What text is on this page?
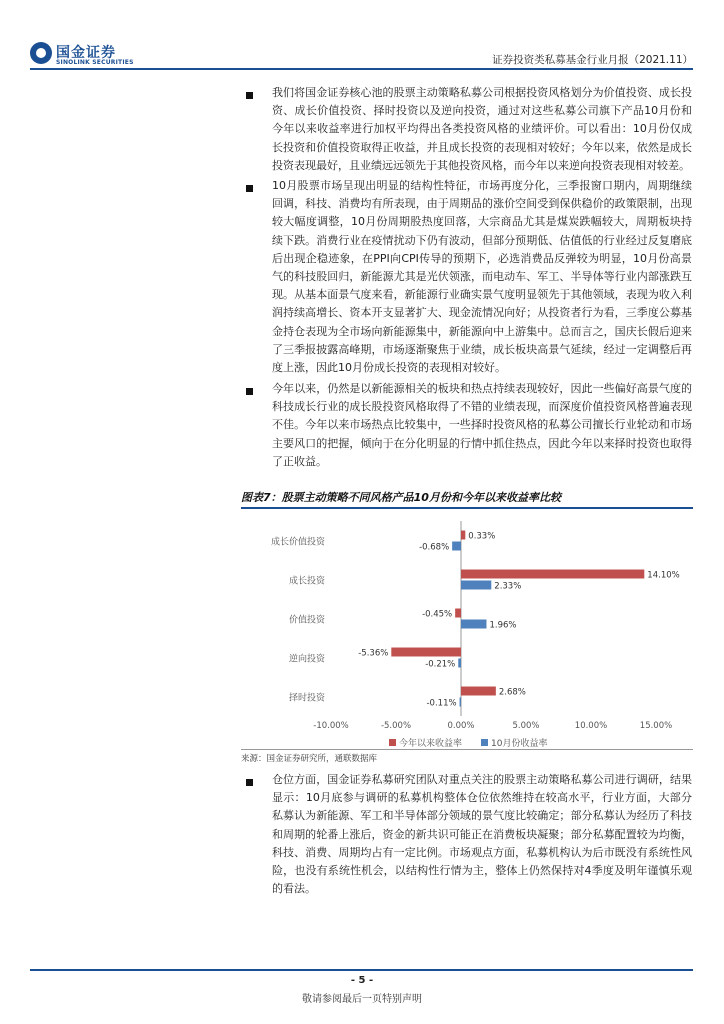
国金证券
SINOLINK SECURITIES	证券投资类私募基金行业月报（2021.11）
我们将国金证券核心池的股票主动策略私募公司根据投资风格划分为价值投资、成长投资、成长价值投资、择时投资以及逆向投资，通过对这些私募公司旗下产品10月份和今年以来收益率进行加权平均得出各类投资风格的业绩评价。可以看出：10月份仅成长投资和价值投资取得正收益，并且成长投资的表现相对较好；今年以来，依然是成长投资表现最好，且业绩远远领先于其他投资风格，而今年以来逆向投资表现相对较差。
10月股票市场呈现出明显的结构性特征，市场再度分化，三季报窗口期内，周期继续回调，科技、消费均有所表现，由于周期品的涨价空间受到保供稳价的政策限制，出现较大幅度调整，10月份周期股热度回落，大宗商品尤其是煤炭跌幅较大，周期板块持续下跌。消费行业在疫情扰动下仍有波动，但部分预期低、估值低的行业经过反复磨底后出现企稳迹象，在PPI向CPI传导的预期下，必选消费品反弹较为明显，10月份高景气的科技股回归，新能源尤其是光伏领涨，而电动车、军工、半导体等行业内部涨跌互现。从基本面景气度来看，新能源行业确实景气度明显领先于其他领域，表现为收入利润持续高增长、资本开支显著扩大、现金流情况向好；从投资者行为看，三季度公募基金持仓表现为全市场向新能源集中，新能源向中上游集中。总而言之，国庆长假后迎来了三季报披露高峰期，市场逐渐聚焦于业绩，成长板块高景气延续，经过一定调整后再度上涨，因此10月份成长投资的表现相对较好。
今年以来，仍然是以新能源相关的板块和热点持续表现较好，因此一些偏好高景气度的科技成长行业的成长股投资风格取得了不错的业绩表现，而深度价值投资风格普遍表现不佳。今年以来市场热点比较集中，一些择时投资风格的私募公司擅长行业轮动和市场主要风口的把握，倾向于在分化明显的行情中抓住热点，因此今年以来择时投资也取得了正收益。
图表7：股票主动策略不同风格产品10月份和今年以来收益率比较
成长价值投资
0.33%
-0.68%
成长投资
14.10%
2.33%
价值投资
-0.45%
1.96%
逆向投资
-5.36%
-0.21%
择时投资
2.68%
-0.11%
-10.00%	-5.00%	0.00%	5.00%	10.00%	15.00%
今年以来收益率	10月份收益率
来源：国金证券研究所，通联数据库
仓位方面，国金证券私募研究团队对重点关注的股票主动策略私募公司进行调研，结果显示：10月底参与调研的私募机构整体仓位依然维持在较高水平，行业方面，大部分私募认为新能源、军工和半导体部分领域的景气度比较确定；部分私募认为经历了科技和周期的轮番上涨后，资金的新共识可能正在消费板块凝聚；部分私募配置较为均衡，科技、消费、周期均占有一定比例。市场观点方面，私募机构认为后市既没有系统性风险，也没有系统性机会，以结构性行情为主，整体上仍然保持对4季度及明年谨慎乐观的看法。
- 5 -
敬请参阅最后一页特别声明
